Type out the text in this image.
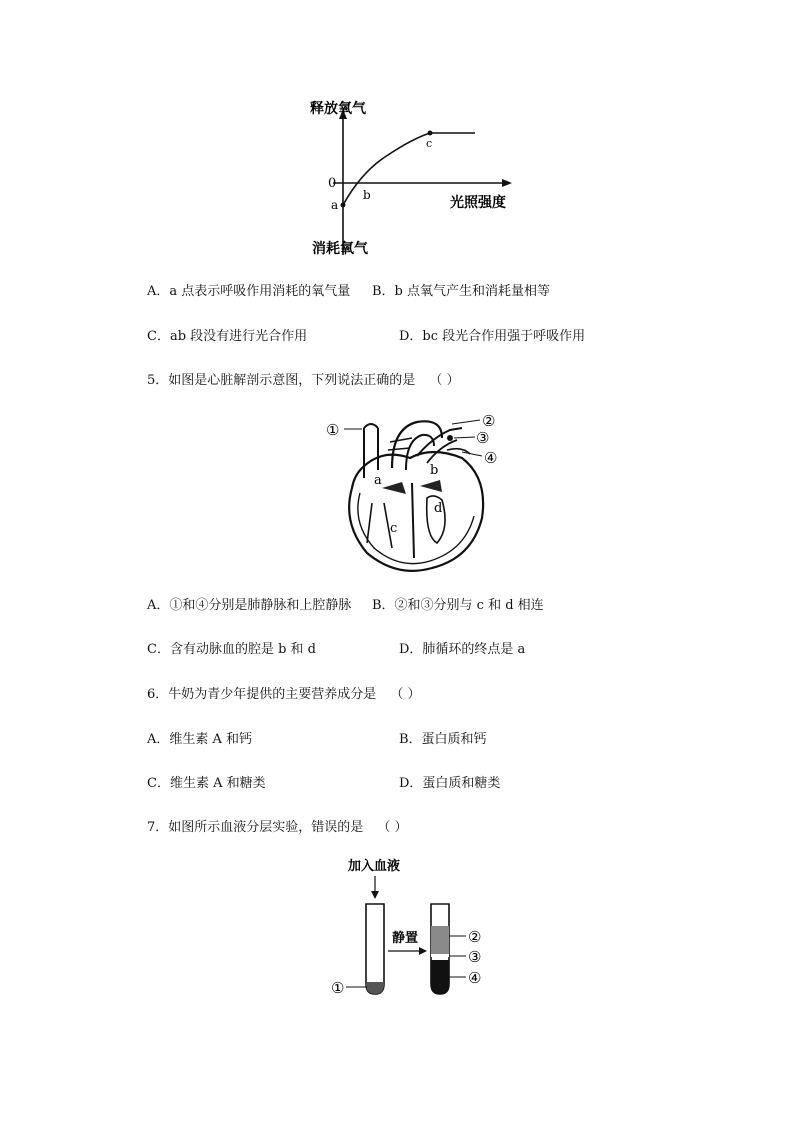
释放氧气
消耗氧气
光照强度
0
a
b
c
A．a 点表示呼吸作用消耗的氧气量 B．b 点氧气产生和消耗量相等
C．ab 段没有进行光合作用	D．bc 段光合作用强于呼吸作用
5．如图是心脏解剖示意图，下列说法正确的是 （ ）
①	②
③
④
a
b
c
d
A．①和④分别是肺静脉和上腔静脉 B．②和③分别与 c 和 d 相连
C．含有动脉血的腔是 b 和 d	D．肺循环的终点是 a
6．牛奶为青少年提供的主要营养成分是 （ ）
A．维生素 A 和钙	B．蛋白质和钙
C．维生素 A 和糖类	D．蛋白质和糖类
7．如图所示血液分层实验，错误的是 （ ）
加入血液
①
静置	②
③
④
